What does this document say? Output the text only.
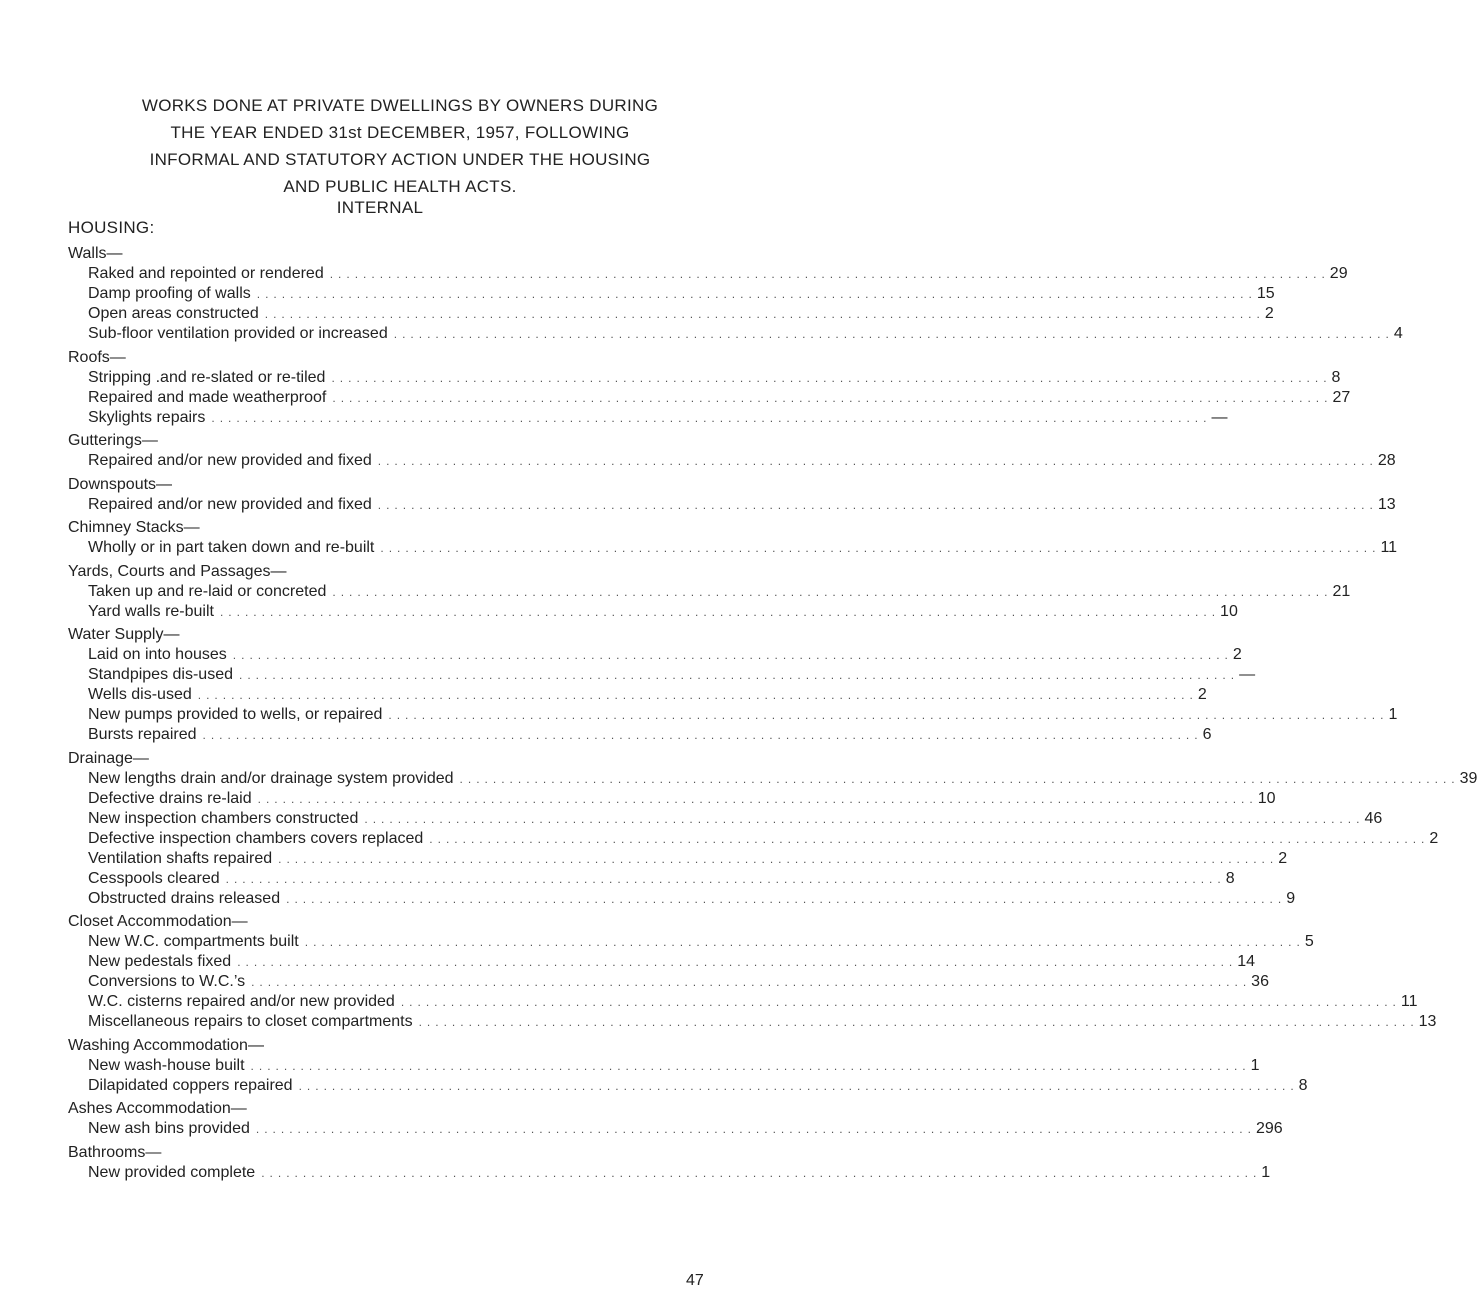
WORKS DONE AT PRIVATE DWELLINGS BY OWNERS DURING
THE YEAR ENDED 31st DECEMBER, 1957, FOLLOWING
INFORMAL AND STATUTORY ACTION UNDER THE HOUSING
AND PUBLIC HEALTH ACTS.
INTERNAL
HOUSING:
Walls—
Raked and repointed or rendered ........................................................................................................................ 29
Damp proofing of walls ........................................................................................................................ 15
Open areas constructed ........................................................................................................................ 2
Sub-floor ventilation provided or increased ........................................................................................................................ 4
Roofs—
Stripping .and re-slated or re-tiled ........................................................................................................................ 8
Repaired and made weatherproof ........................................................................................................................ 27
Skylights repairs ........................................................................................................................ —
Gutterings—
Repaired and/or new provided and fixed ........................................................................................................................ 28
Downspouts—
Repaired and/or new provided and fixed ........................................................................................................................ 13
Chimney Stacks—
Wholly or in part taken down and re-built ........................................................................................................................ 11
Yards, Courts and Passages—
Taken up and re-laid or concreted ........................................................................................................................ 21
Yard walls re-built ........................................................................................................................ 10
Water Supply—
Laid on into houses ........................................................................................................................ 2
Standpipes dis-used ........................................................................................................................ —
Wells dis-used ........................................................................................................................ 2
New pumps provided to wells, or repaired ........................................................................................................................ 1
Bursts repaired ........................................................................................................................ 6
Drainage—
New lengths drain and/or drainage system provided ........................................................................................................................ 39
Defective drains re-laid ........................................................................................................................ 10
New inspection chambers constructed ........................................................................................................................ 46
Defective inspection chambers covers replaced ........................................................................................................................ 2
Ventilation shafts repaired ........................................................................................................................ 2
Cesspools cleared ........................................................................................................................ 8
Obstructed drains released ........................................................................................................................ 9
Closet Accommodation—
New W.C. compartments built ........................................................................................................................ 5
New pedestals fixed ........................................................................................................................ 14
Conversions to W.C.’s ........................................................................................................................ 36
W.C. cisterns repaired and/or new provided ........................................................................................................................ 11
Miscellaneous repairs to closet compartments ........................................................................................................................ 13
Washing Accommodation—
New wash-house built ........................................................................................................................ 1
Dilapidated coppers repaired ........................................................................................................................ 8
Ashes Accommodation—
New ash bins provided ........................................................................................................................ 296
Bathrooms—
New provided complete ........................................................................................................................ 1
47
